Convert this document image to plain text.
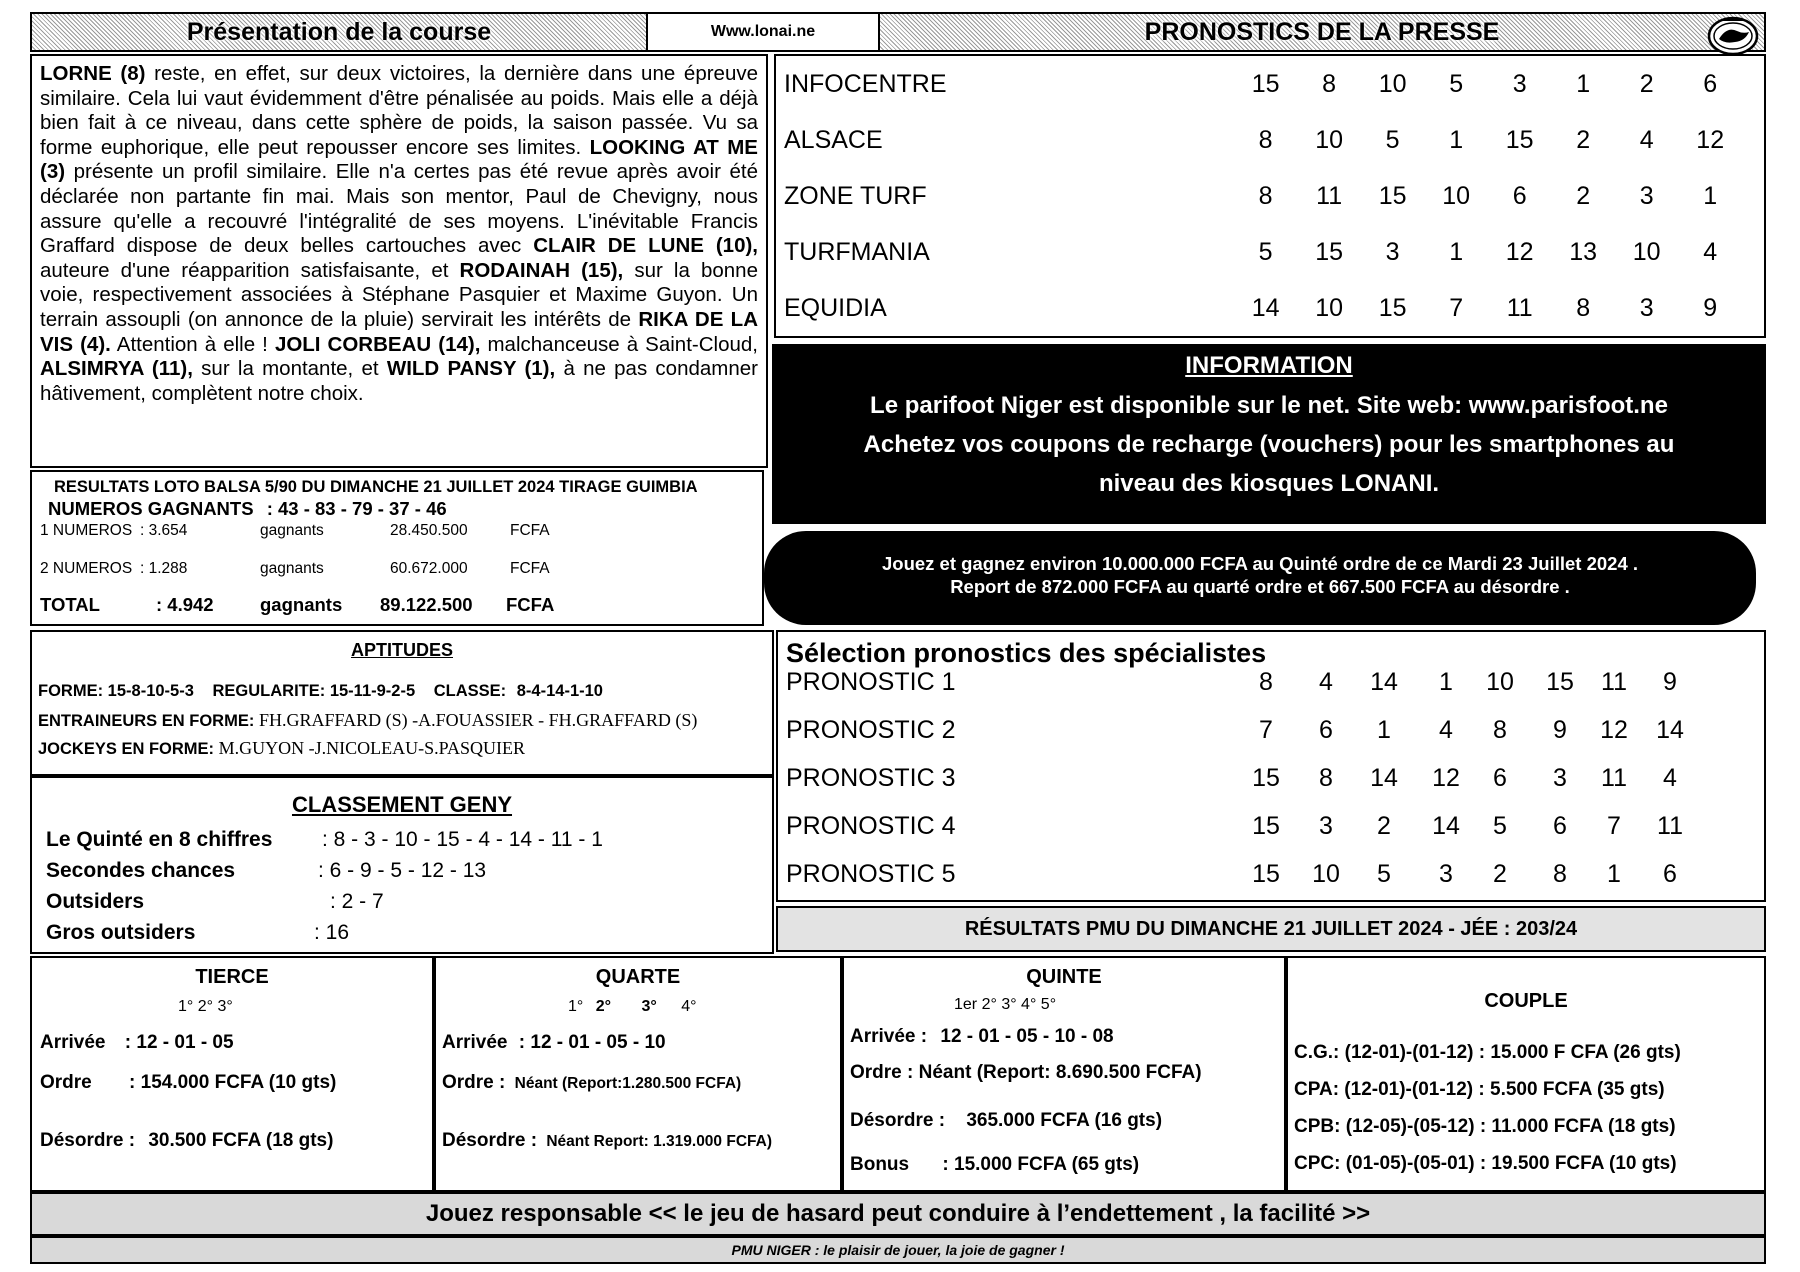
Présentation de la course	Www.lonai.ne	PRONOSTICS DE LA PRESSE
LORNE (8) reste, en effet, sur deux victoires, la dernière dans une épreuve similaire. Cela lui vaut évidemment d'être pénalisée au poids. Mais elle a déjà bien fait à ce niveau, dans cette sphère de poids, la saison passée. Vu sa forme euphorique, elle peut repousser encore ses limites. LOOKING AT ME (3) présente un profil similaire. Elle n'a certes pas été revue après avoir été déclarée non partante fin mai. Mais son mentor, Paul de Chevigny, nous assure qu'elle a recouvré l'intégralité de ses moyens. L'inévitable Francis Graffard dispose de deux belles cartouches avec CLAIR DE LUNE (10), auteure d'une réapparition satisfaisante, et RODAINAH (15), sur la bonne voie, respectivement associées à Stéphane Pasquier et Maxime Guyon. Un terrain assoupli (on annonce de la pluie) servirait les intérêts de RIKA DE LA VIS (4). Attention à elle ! JOLI CORBEAU (14), malchanceuse à Saint-Cloud, ALSIMRYA (11), sur la montante, et WILD PANSY (1), à ne pas condamner hâtivement, complètent notre choix.
INFOCENTRE	15	8	10	5	3	1	2	6	
ALSACE	8	10	5	1	15	2	4	12	
ZONE TURF	8	11	15	10	6	2	3	1	
TURFMANIA	5	15	3	1	12	13	10	4	
EQUIDIA	14	10	15	7	11	8	3	9	
INFORMATION
Le parifoot Niger est disponible sur le net. Site web: www.parisfoot.ne
Achetez vos coupons de recharge (vouchers) pour les smartphones au
niveau des kiosques LONANI.
Jouez et gagnez environ 10.000.000 FCFA au Quinté ordre de ce Mardi 23 Juillet 2024 .
Report de 872.000 FCFA au quarté ordre et 667.500 FCFA au désordre .
RESULTATS LOTO BALSA 5/90 DU DIMANCHE 21 JUILLET 2024 TIRAGE GUIMBIA
NUMEROS GAGNANTS : 43 - 83 - 79 - 37 - 46
1 NUMEROS : 3.654	gagnants	28.450.500	FCFA
2 NUMEROS : 1.288	gagnants	60.672.000	FCFA
TOTAL	: 4.942	gagnants 89.122.500 FCFA
APTITUDES
FORME: 15-8-10-5-3 REGULARITE: 15-11-9-2-5 CLASSE: 8-4-14-1-10
ENTRAINEURS EN FORME: FH.GRAFFARD (S) -A.FOUASSIER - FH.GRAFFARD (S)
JOCKEYS EN FORME: M.GUYON -J.NICOLEAU-S.PASQUIER
CLASSEMENT GENY
Le Quinté en 8 chiffres : 8 - 3 - 10 - 15 - 4 - 14 - 11 - 1
Secondes chances	: 6 - 9 - 5 - 12 - 13
Outsiders	: 2 - 7
Gros outsiders	: 16
Sélection pronostics des spécialistes
PRONOSTIC 1	8	4	14	1	10	15	11	9
PRONOSTIC 2	7	6	1	4	8	9	12	14
PRONOSTIC 3	15	8	14	12	6	3	11	4
PRONOSTIC 4	15	3	2	14	5	6	7	11
PRONOSTIC 5	15	10	5	3	2	8	1	6
RÉSULTATS PMU DU DIMANCHE 21 JUILLET 2024 - JÉE : 203/24
TIERCE
1° 2° 3°
Arrivée : 12 - 01 - 05
Ordre : 154.000 FCFA (10 gts)
Désordre : 30.500 FCFA (18 gts)
QUARTE
1° 2° 3° 4°
Arrivée : 12 - 01 - 05 - 10
Ordre : Néant (Report:1.280.500 FCFA)
Désordre : Néant Report: 1.319.000 FCFA)
QUINTE
1er 2° 3° 4° 5°
Arrivée : 12 - 01 - 05 - 10 - 08
Ordre : Néant (Report: 8.690.500 FCFA)
Désordre : 365.000 FCFA (16 gts)
Bonus : 15.000 FCFA (65 gts)
COUPLE
C.G.: (12-01)-(01-12) : 15.000 F CFA (26 gts)
CPA: (12-01)-(01-12) : 5.500 FCFA (35 gts)
CPB: (12-05)-(05-12) : 11.000 FCFA (18 gts)
CPC: (01-05)-(05-01) : 19.500 FCFA (10 gts)
Jouez responsable << le jeu de hasard peut conduire à l’endettement , la facilité >>
PMU NIGER : le plaisir de jouer, la joie de gagner !
